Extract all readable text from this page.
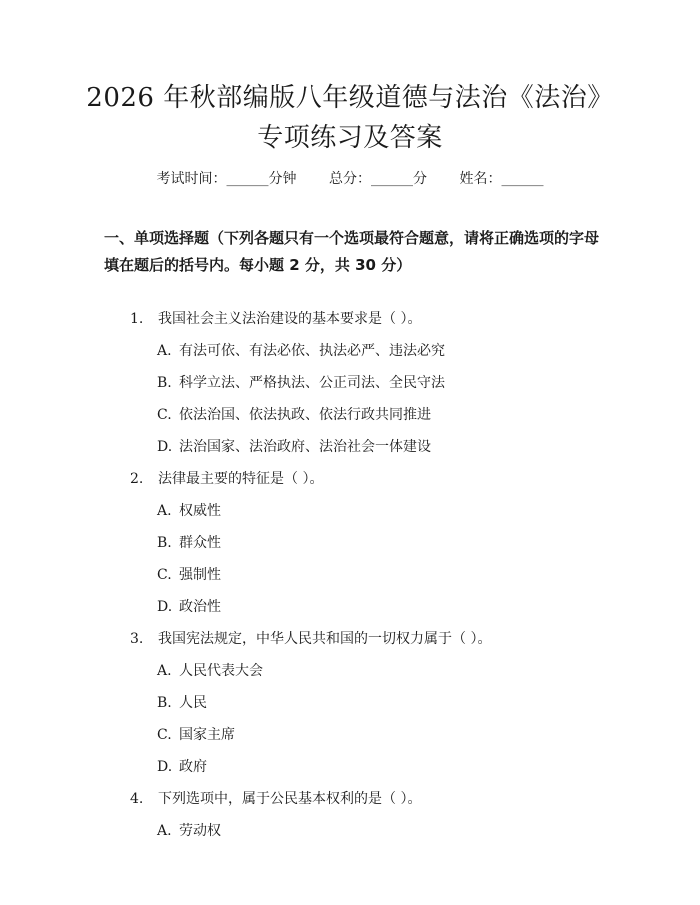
2026 年秋部编版八年级道德与法治《法治》
专项练习及答案
考试时间：______分钟 总分：______分 姓名：______
一、单项选择题（下列各题只有一个选项最符合题意，请将正确选项的字母填在题后的括号内。每小题 2 分，共 30 分）
1. 我国社会主义法治建设的基本要求是（ ）。
A. 有法可依、有法必依、执法必严、违法必究
B. 科学立法、严格执法、公正司法、全民守法
C. 依法治国、依法执政、依法行政共同推进
D. 法治国家、法治政府、法治社会一体建设
2. 法律最主要的特征是（ ）。
A. 权威性
B. 群众性
C. 强制性
D. 政治性
3. 我国宪法规定，中华人民共和国的一切权力属于（ ）。
A. 人民代表大会
B. 人民
C. 国家主席
D. 政府
4. 下列选项中，属于公民基本权利的是（ ）。
A. 劳动权
